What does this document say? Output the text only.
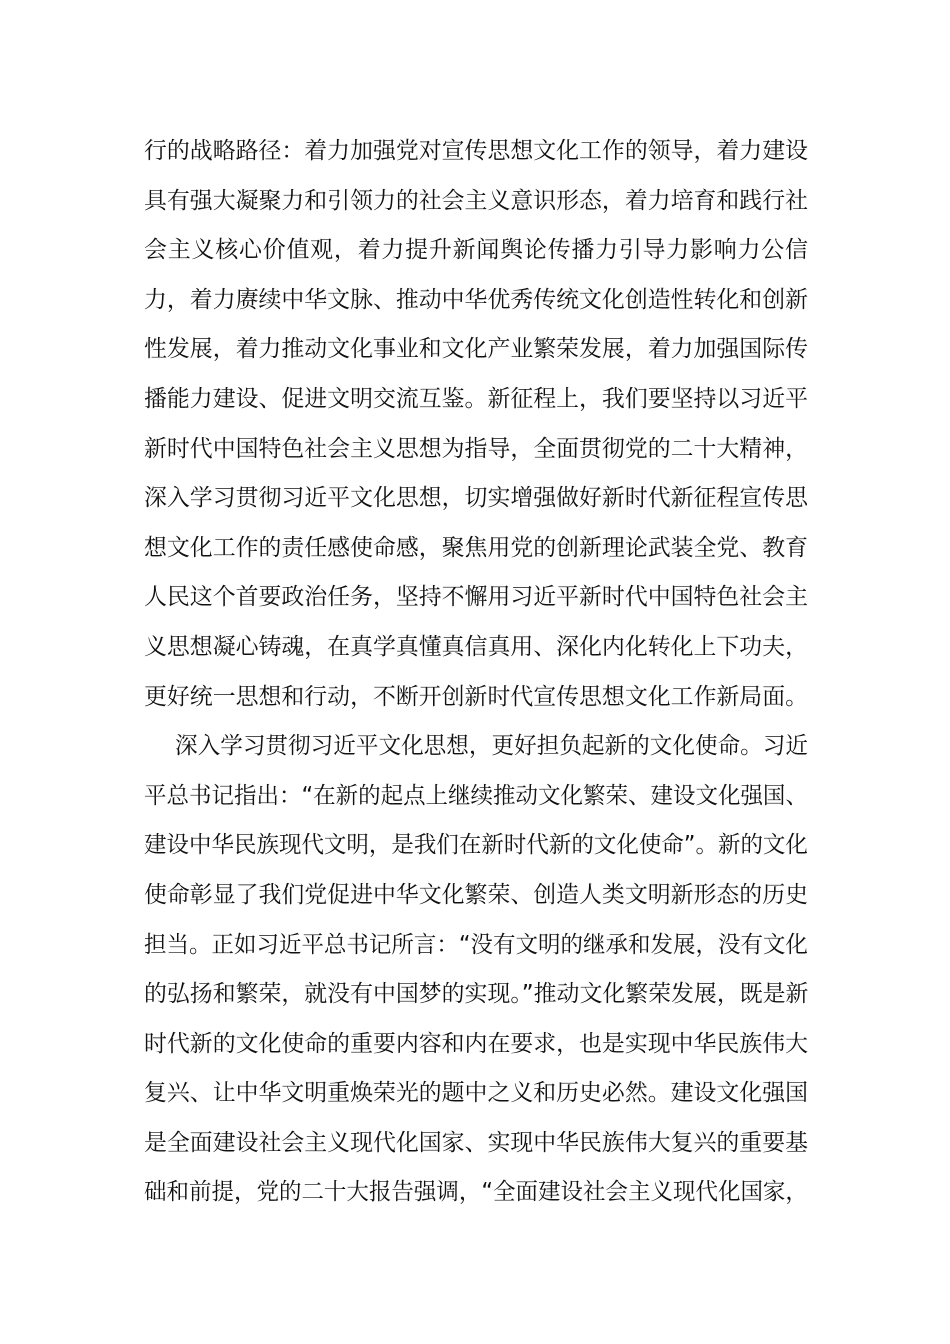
行的战略路径：着力加强党对宣传思想文化工作的领导，着力建设
具有强大凝聚力和引领力的社会主义意识形态，着力培育和践行社
会主义核心价值观，着力提升新闻舆论传播力引导力影响力公信
力，着力赓续中华文脉、推动中华优秀传统文化创造性转化和创新
性发展，着力推动文化事业和文化产业繁荣发展，着力加强国际传
播能力建设、促进文明交流互鉴。新征程上，我们要坚持以习近平
新时代中国特色社会主义思想为指导，全面贯彻党的二十大精神，
深入学习贯彻习近平文化思想，切实增强做好新时代新征程宣传思
想文化工作的责任感使命感，聚焦用党的创新理论武装全党、教育
人民这个首要政治任务，坚持不懈用习近平新时代中国特色社会主
义思想凝心铸魂，在真学真懂真信真用、深化内化转化上下功夫，
更好统一思想和行动，不断开创新时代宣传思想文化工作新局面。
深入学习贯彻习近平文化思想，更好担负起新的文化使命。习近
平总书记指出：“在新的起点上继续推动文化繁荣、建设文化强国、
建设中华民族现代文明，是我们在新时代新的文化使命”。新的文化
使命彰显了我们党促进中华文化繁荣、创造人类文明新形态的历史
担当。正如习近平总书记所言：“没有文明的继承和发展，没有文化
的弘扬和繁荣，就没有中国梦的实现。”推动文化繁荣发展，既是新
时代新的文化使命的重要内容和内在要求，也是实现中华民族伟大
复兴、让中华文明重焕荣光的题中之义和历史必然。建设文化强国
是全面建设社会主义现代化国家、实现中华民族伟大复兴的重要基
础和前提，党的二十大报告强调，“全面建设社会主义现代化国家，
